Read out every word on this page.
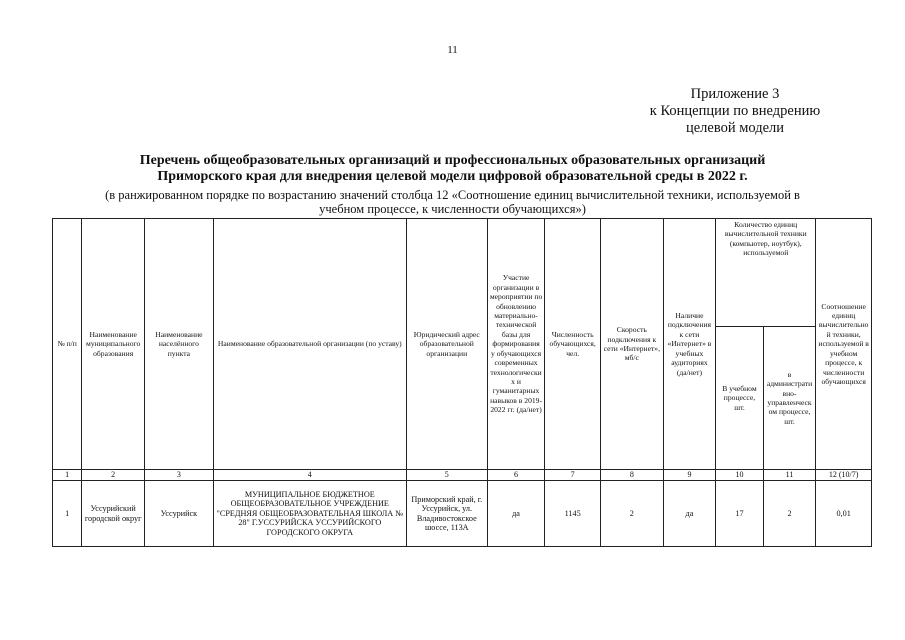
11
Приложение 3
к Концепции по внедрению
целевой модели
Перечень общеобразовательных организаций и профессиональных образовательных организаций
Приморского края для внедрения целевой модели цифровой образовательной среды в 2022 г.
(в ранжированном порядке по возрастанию значений столбца 12 «Соотношение единиц вычислительной техники, используемой в
учебном процессе, к численности обучающихся»)
№ п/п	Наименование муниципального образования	Наименование населённого пункта	Наименование образовательной организации (по уставу)	Юридический адрес образовательной организации	Участие организации в мероприятии по обновлению материально-технической базы для формирования у обучающихся современных технологических и гуманитарных навыков в 2019-2022 гг. (да/нет)	Численность обучающихся, чел.	Скорость подключения к сети «Интернет», мб/с	Наличие подключения к сети «Интернет» в учебных аудиториях (да/нет)	Количество единиц вычислительной техники (компьютер, ноутбук), используемой		Соотношение единиц вычислительной техники, используемой в учебном процессе, к численности обучающихся
									В учебном процессе, шт.	в административно-управленческом процессе, шт.	
1	2	3	4	5	6	7	8	9	10	11	12 (10/7)
1	Уссурийский городской округ	Уссурийск	МУНИЦИПАЛЬНОЕ БЮДЖЕТНОЕ ОБЩЕОБРАЗОВАТЕЛЬНОЕ УЧРЕЖДЕНИЕ "СРЕДНЯЯ ОБЩЕОБРАЗОВАТЕЛЬНАЯ ШКОЛА № 28" Г.УССУРИЙСКА УССУРИЙСКОГО ГОРОДСКОГО ОКРУГА	Приморский край, г. Уссурийск, ул. Владивостокское шоссе, 113А	да	1145	2	да	17	2	0,01
